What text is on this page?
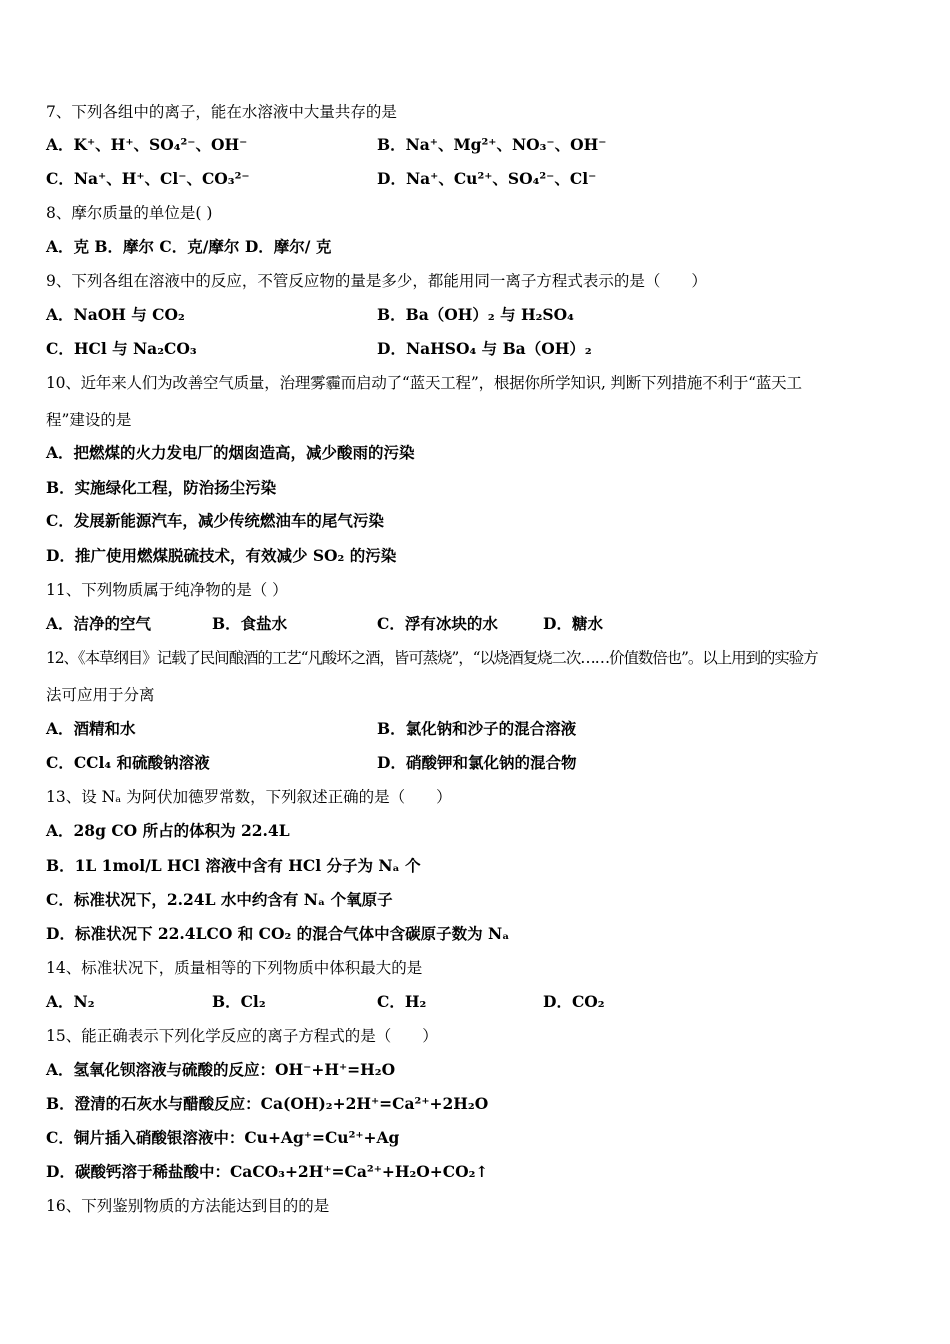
7、下列各组中的离子，能在水溶液中大量共存的是
A．K⁺、H⁺、SO₄²⁻、OH⁻	B．Na⁺、Mg²⁺、NO₃⁻、OH⁻
C．Na⁺、H⁺、Cl⁻、CO₃²⁻	D．Na⁺、Cu²⁺、SO₄²⁻、Cl⁻
8、摩尔质量的单位是( )
A．克 B．摩尔 C．克/摩尔 D．摩尔/ 克
9、下列各组在溶液中的反应，不管反应物的量是多少，都能用同一离子方程式表示的是（　　）
A．NaOH 与 CO₂	B．Ba（OH）₂ 与 H₂SO₄
C．HCl 与 Na₂CO₃	D．NaHSO₄ 与 Ba（OH）₂
10、近年来人们为改善空气质量，治理雾霾而启动了“蓝天工程”，根据你所学知识, 判断下列措施不利于“蓝天工
程”建设的是
A．把燃煤的火力发电厂的烟囱造高，减少酸雨的污染
B．实施绿化工程，防治扬尘污染
C．发展新能源汽车，减少传统燃油车的尾气污染
D．推广使用燃煤脱硫技术，有效减少 SO₂ 的污染
11、下列物质属于纯净物的是（ ）
A．洁净的空气	B．食盐水	C．浮有冰块的水	D．糖水
12、《本草纲目》记载了民间酿酒的工艺“凡酸坏之酒，皆可蒸烧”，“以烧酒复烧二次……价值数倍也”。以上用到的实验方
法可应用于分离
A．酒精和水	B．氯化钠和沙子的混合溶液
C．CCl₄ 和硫酸钠溶液	D．硝酸钾和氯化钠的混合物
13、设 Nₐ 为阿伏加德罗常数，下列叙述正确的是（　　）
A．28g CO 所占的体积为 22.4L
B．1L 1mol/L HCl 溶液中含有 HCl 分子为 Nₐ 个
C．标准状况下，2.24L 水中约含有 Nₐ 个氧原子
D．标准状况下 22.4LCO 和 CO₂ 的混合气体中含碳原子数为 Nₐ
14、标准状况下，质量相等的下列物质中体积最大的是
A．N₂	B．Cl₂	C．H₂	D．CO₂
15、能正确表示下列化学反应的离子方程式的是（　　）
A．氢氧化钡溶液与硫酸的反应：OH⁻+H⁺=H₂O
B．澄清的石灰水与醋酸反应：Ca(OH)₂+2H⁺=Ca²⁺+2H₂O
C．铜片插入硝酸银溶液中：Cu+Ag⁺=Cu²⁺+Ag
D．碳酸钙溶于稀盐酸中：CaCO₃+2H⁺=Ca²⁺+H₂O+CO₂↑
16、下列鉴别物质的方法能达到目的的是
